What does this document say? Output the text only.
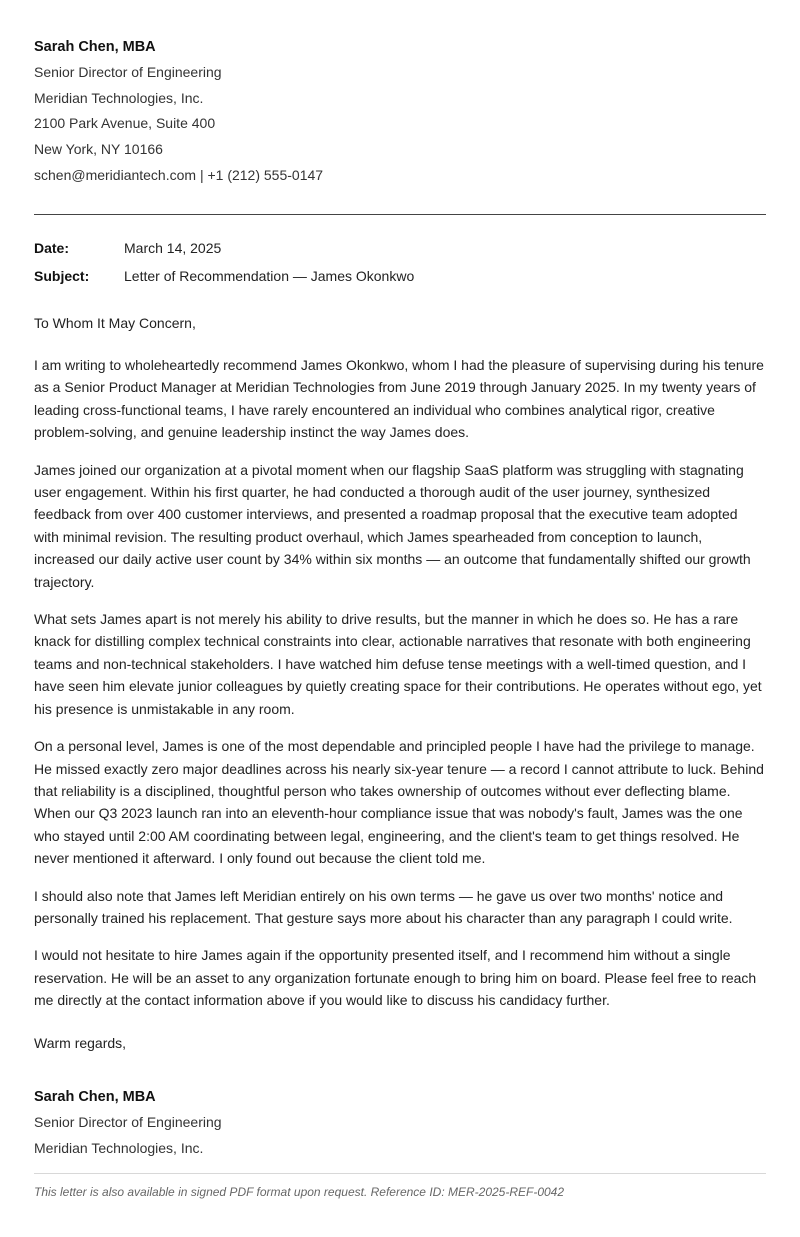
Sarah Chen, MBA
Senior Director of Engineering
Meridian Technologies, Inc.
2100 Park Avenue, Suite 400
New York, NY 10166
schen@meridiantech.com | +1 (212) 555-0147
Date:	March 14, 2025
Subject:	Letter of Recommendation — James Okonkwo
To Whom It May Concern,

I am writing to wholeheartedly recommend James Okonkwo, whom I had the pleasure of supervising during his tenure as a Senior Product Manager at Meridian Technologies from June 2019 through January 2025. In my twenty years of leading cross-functional teams, I have rarely encountered an individual who combines analytical rigor, creative problem-solving, and genuine leadership instinct the way James does.

James joined our organization at a pivotal moment when our flagship SaaS platform was struggling with stagnating user engagement. Within his first quarter, he had conducted a thorough audit of the user journey, synthesized feedback from over 400 customer interviews, and presented a roadmap proposal that the executive team adopted with minimal revision. The resulting product overhaul, which James spearheaded from conception to launch, increased our daily active user count by 34% within six months — an outcome that fundamentally shifted our growth trajectory.

What sets James apart is not merely his ability to drive results, but the manner in which he does so. He has a rare knack for distilling complex technical constraints into clear, actionable narratives that resonate with both engineering teams and non-technical stakeholders. I have watched him defuse tense meetings with a well-timed question, and I have seen him elevate junior colleagues by quietly creating space for their contributions. He operates without ego, yet his presence is unmistakable in any room.

On a personal level, James is one of the most dependable and principled people I have had the privilege to manage. He missed exactly zero major deadlines across his nearly six-year tenure — a record I cannot attribute to luck. Behind that reliability is a disciplined, thoughtful person who takes ownership of outcomes without ever deflecting blame. When our Q3 2023 launch ran into an eleventh-hour compliance issue that was nobody's fault, James was the one who stayed until 2:00 AM coordinating between legal, engineering, and the client's team to get things resolved. He never mentioned it afterward. I only found out because the client told me.

I should also note that James left Meridian entirely on his own terms — he gave us over two months' notice and personally trained his replacement. That gesture says more about his character than any paragraph I could write.

I would not hesitate to hire James again if the opportunity presented itself, and I recommend him without a single reservation. He will be an asset to any organization fortunate enough to bring him on board. Please feel free to reach me directly at the contact information above if you would like to discuss his candidacy further.

Warm regards,
Sarah Chen, MBA
Senior Director of Engineering
Meridian Technologies, Inc.
This letter is also available in signed PDF format upon request. Reference ID: MER-2025-REF-0042
